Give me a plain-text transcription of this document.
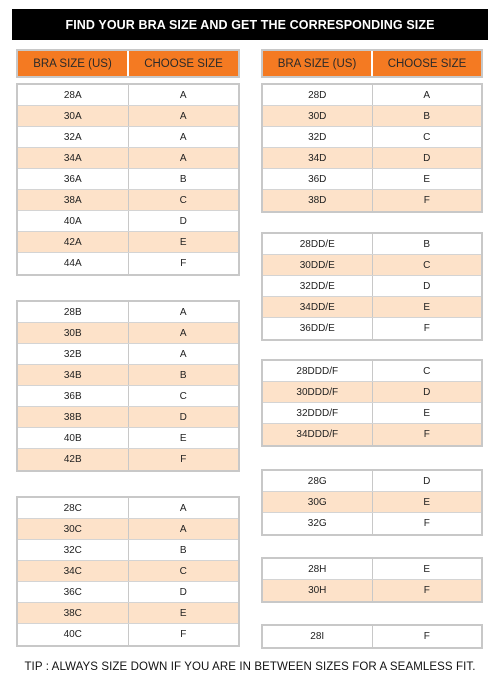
FIND YOUR BRA SIZE AND GET THE CORRESPONDING SIZE
BRA SIZE (US)	CHOOSE SIZE	BRA SIZE (US)	CHOOSE SIZE
28A	A
30A	A
32A	A
34A	A
36A	B
38A	C
40A	D
42A	E
44A	F
28B	A
30B	A
32B	A
34B	B
36B	C
38B	D
40B	E
42B	F
28C	A
30C	A
32C	B
34C	C
36C	D
38C	E
40C	F
28D	A
30D	B
32D	C
34D	D
36D	E
38D	F
28DD/E	B
30DD/E	C
32DD/E	D
34DD/E	E
36DD/E	F
28DDD/F	C
30DDD/F	D
32DDD/F	E
34DDD/F	F
28G	D
30G	E
32G	F
28H	E
30H	F
28I	F
TIP : ALWAYS SIZE DOWN IF YOU ARE IN BETWEEN SIZES FOR A SEAMLESS FIT.
